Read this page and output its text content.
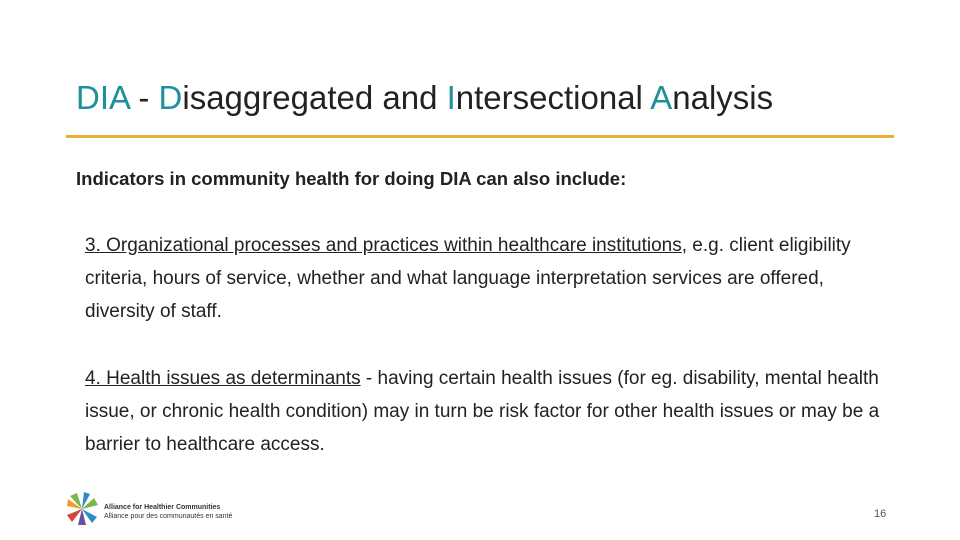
DIA - Disaggregated and Intersectional Analysis
Indicators in community health for doing DIA can also include:
3. Organizational processes and practices within healthcare institutions, e.g. client eligibility criteria, hours of service, whether and what language interpretation services are offered, diversity of staff.
4. Health issues as determinants - having certain health issues (for eg. disability, mental health issue, or chronic health condition) may in turn be risk factor for other health issues or may be a barrier to healthcare access.
Alliance for Healthier Communities
Alliance pour des communautés en santé	16
